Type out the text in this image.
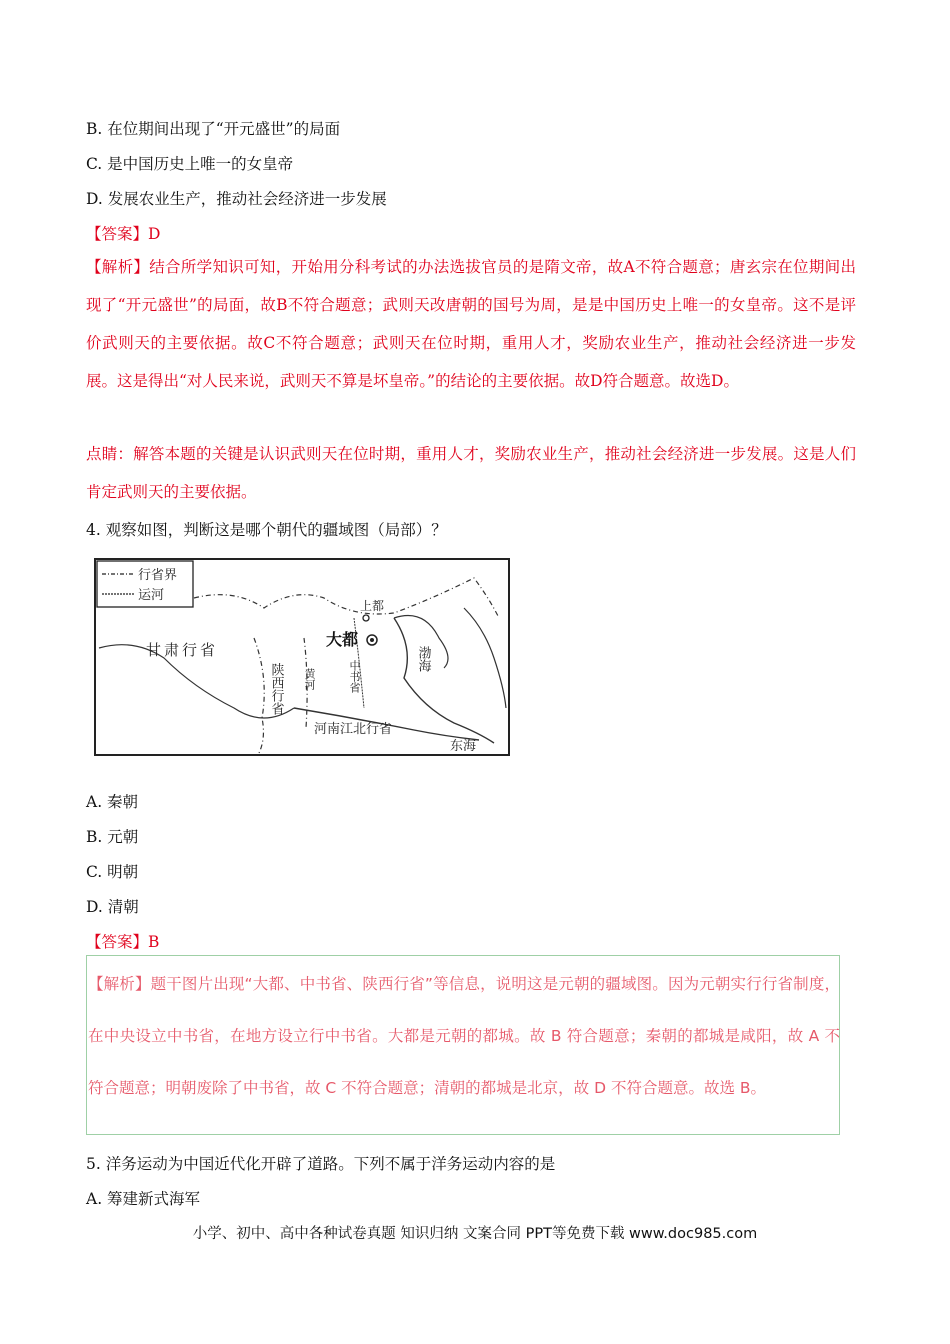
B. 在位期间出现了“开元盛世”的局面
C. 是中国历史上唯一的女皇帝
D. 发展农业生产，推动社会经济进一步发展
【答案】D
【解析】结合所学知识可知，开始用分科考试的办法选拔官员的是隋文帝，故A不符合题意；唐玄宗在位期间出现了“开元盛世”的局面，故B不符合题意；武则天改唐朝的国号为周，是是中国历史上唯一的女皇帝。这不是评价武则天的主要依据。故C不符合题意；武则天在位时期，重用人才，奖励农业生产，推动社会经济进一步发展。这是得出“对人民来说，武则天不算是坏皇帝。”的结论的主要依据。故D符合题意。故选D。
点睛：解答本题的关键是认识武则天在位时期，重用人才，奖励农业生产，推动社会经济进一步发展。这是人们肯定武则天的主要依据。
4. 观察如图，判断这是哪个朝代的疆域图（局部）？
行省界
运河
上都
大都
中书省
甘肃行省
陕西行省
河南江北行省
渤海
东海
黄河
A. 秦朝
B. 元朝
C. 明朝
D. 清朝
【答案】B
【解析】题干图片出现“大都、中书省、陕西行省”等信息，说明这是元朝的疆域图。因为元朝实行行省制度，在中央设立中书省，在地方设立行中书省。大都是元朝的都城。故 B 符合题意；秦朝的都城是咸阳，故 A 不符合题意；明朝废除了中书省，故 C 不符合题意；清朝的都城是北京，故 D 不符合题意。故选 B。
5. 洋务运动为中国近代化开辟了道路。下列不属于洋务运动内容的是
A. 筹建新式海军
小学、初中、高中各种试卷真题 知识归纳 文案合同 PPT等免费下载 www.doc985.com
